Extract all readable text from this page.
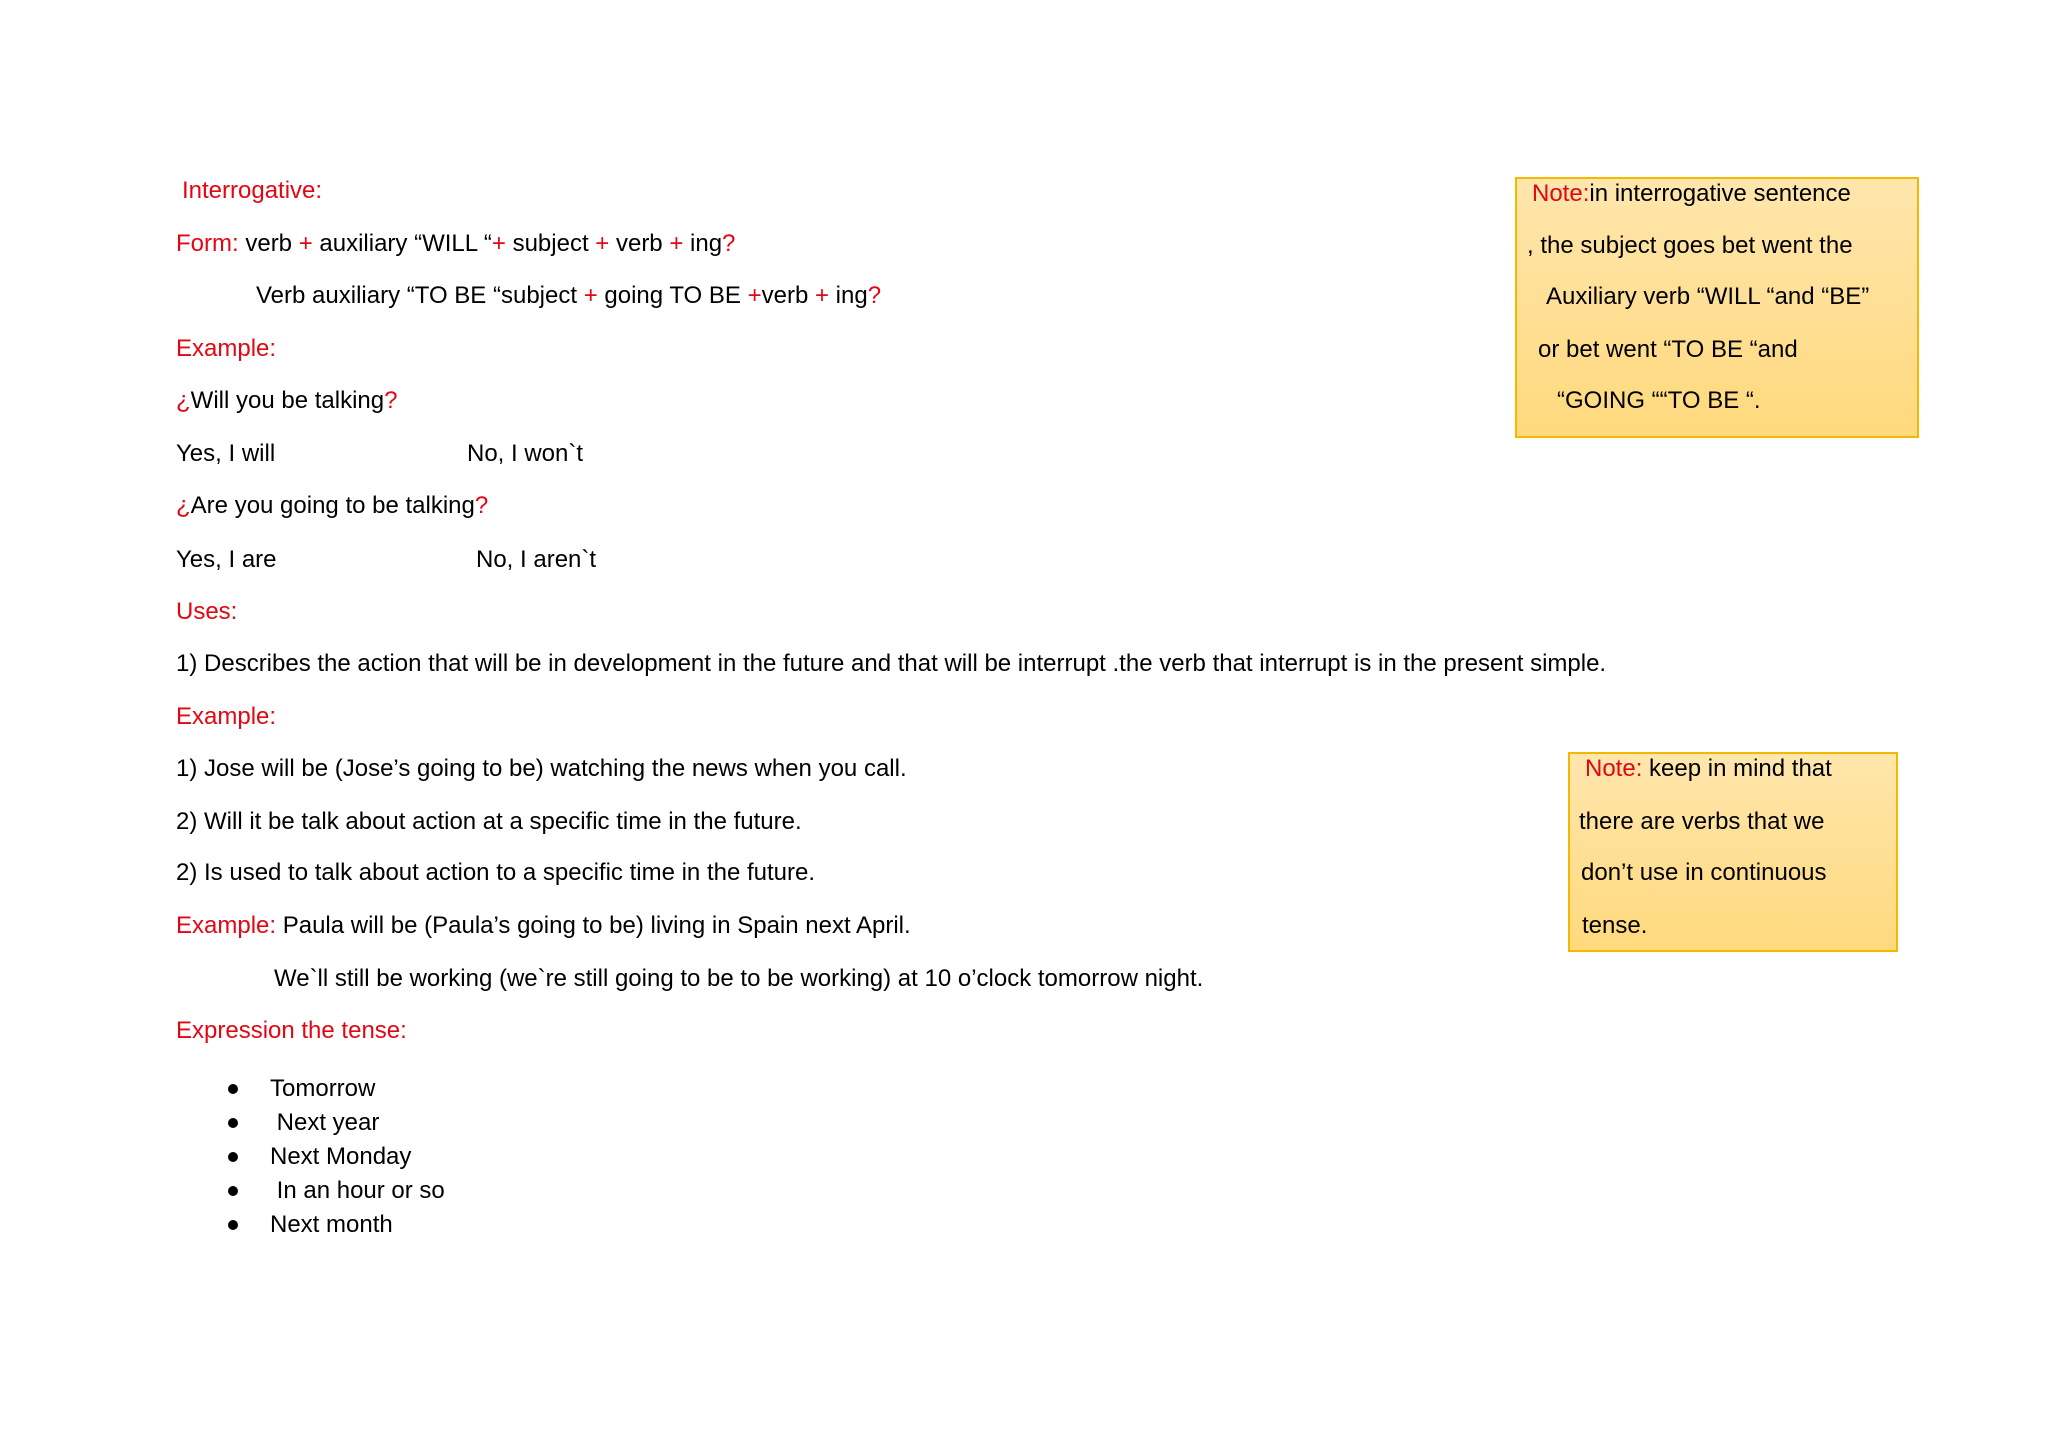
Interrogative:
Form: verb + auxiliary “WILL “+ subject + verb + ing?
Verb auxiliary “TO BE “subject + going TO BE +verb + ing?
Example:
¿Will you be talking?
Yes, I will	No, I won`t
¿Are you going to be talking?
Yes, I are	No, I aren`t
Uses:
1) Describes the action that will be in development in the future and that will be interrupt .the verb that interrupt is in the present simple.
Example:
1) Jose will be (Jose’s going to be) watching the news when you call.
2) Will it be talk about action at a specific time in the future.
2) Is used to talk about action to a specific time in the future.
Example: Paula will be (Paula’s going to be) living in Spain next April.
We`ll still be working (we`re still going to be to be working) at 10 o’clock tomorrow night.
Expression the tense:
Tomorrow
Next year
Next Monday
In an hour or so
Next month
Note:in interrogative sentence
, the subject goes bet went the
Auxiliary verb “WILL “and “BE”
or bet went “TO BE “and
“GOING ““TO BE “.
Note: keep in mind that
there are verbs that we
don’t use in continuous
tense.
